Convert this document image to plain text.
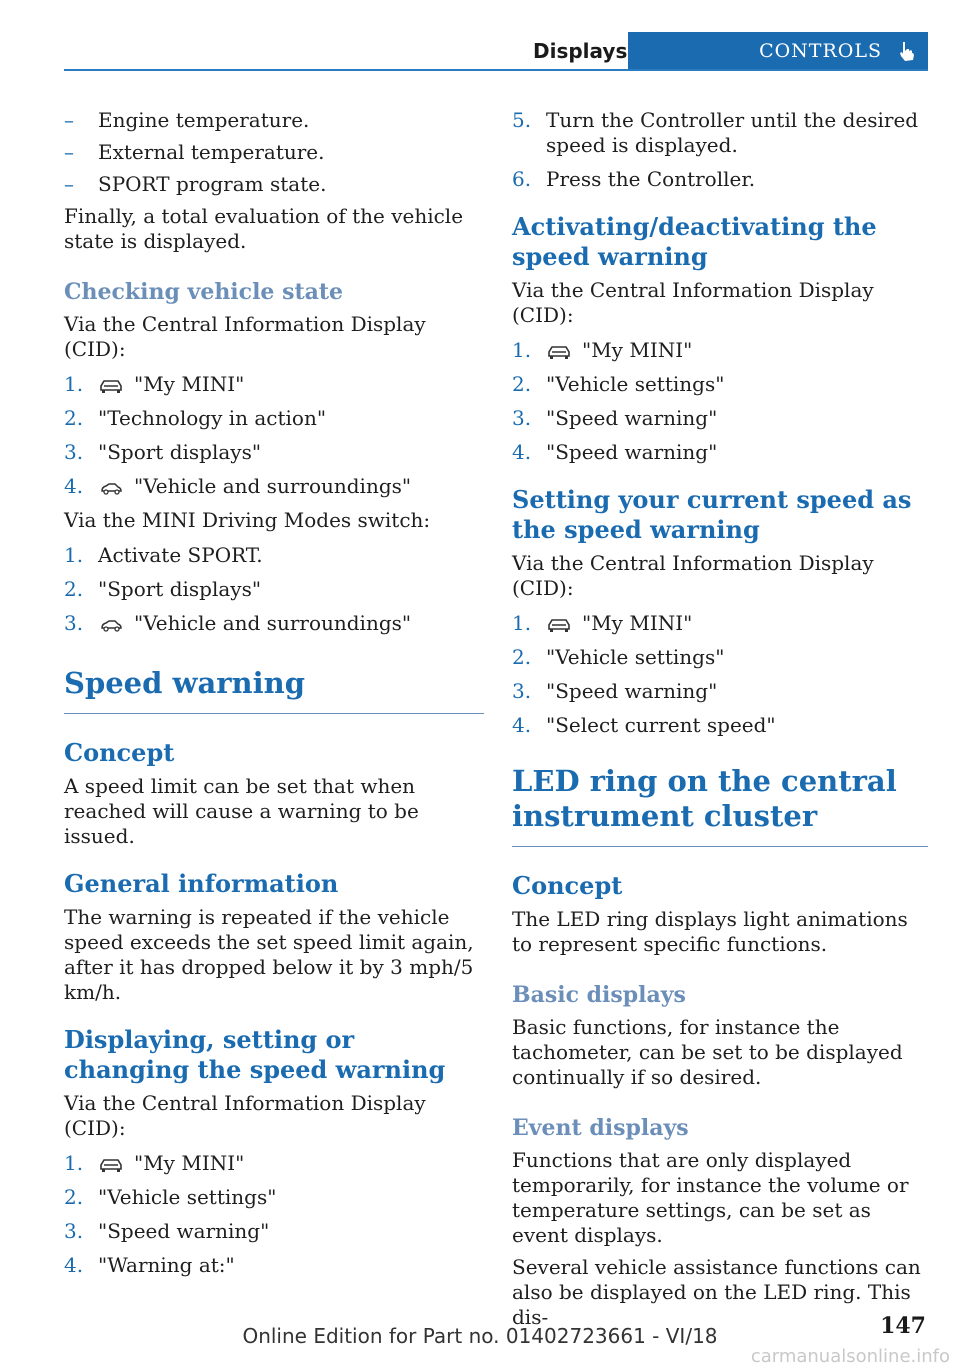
Displays	CONTROLS
–	Engine temperature.
–	External temperature.
–	SPORT program state.

Finally, a total evaluation of the vehicle state is displayed.

Checking vehicle state

Via the Central Information Display (CID):

1.	"My MINI"
2. "Technology in action"
3. "Sport displays"
4.	"Vehicle and surroundings"

Via the MINI Driving Modes switch:

1. Activate SPORT.
2. "Sport displays"
3.	"Vehicle and surroundings"
Speed warning
Concept

A speed limit can be set that when reached will cause a warning to be issued.

General information

The warning is repeated if the vehicle speed exceeds the set speed limit again, after it has dropped below it by 3 mph/5 km/h.

Displaying, setting or changing the speed warning

Via the Central Information Display (CID):

1.	"My MINI"
2. "Vehicle settings"
3. "Speed warning"
4. "Warning at:"
5. Turn the Controller until the desired speed is displayed.
6. Press the Controller.
Activating/deactivating the speed warning

Via the Central Information Display (CID):

1.	"My MINI"
2. "Vehicle settings"
3. "Speed warning"
4. "Speed warning"
Setting your current speed as the speed warning

Via the Central Information Display (CID):

1.	"My MINI"
2. "Vehicle settings"
3. "Speed warning"
4. "Select current speed"
LED ring on the central instrument cluster
Concept

The LED ring displays light animations to represent specific functions.

Basic displays

Basic functions, for instance the tachometer, can be set to be displayed continually if so desired.

Event displays

Functions that are only displayed temporarily, for instance the volume or temperature settings, can be set as event displays.

Several vehicle assistance functions can also be displayed on the LED ring. This dis-	147
Online Edition for Part no. 01402723661 - VI/18
carmanualsonline.info
